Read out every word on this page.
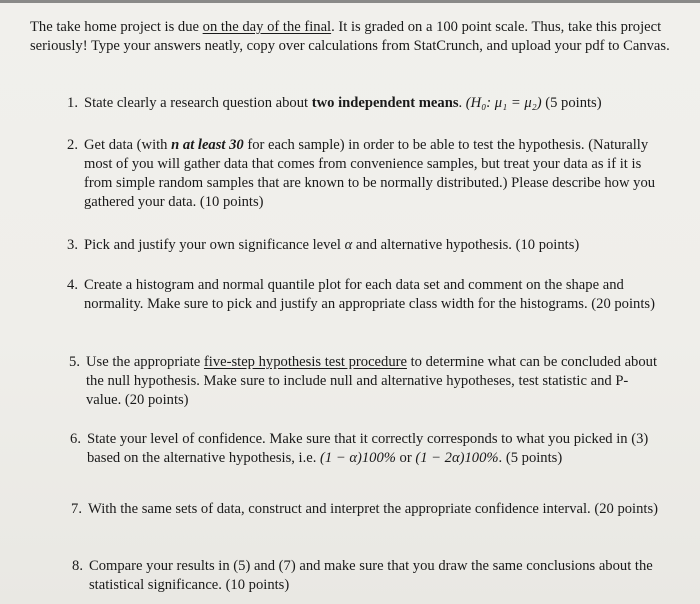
The take home project is due on the day of the final. It is graded on a 100 point scale. Thus, take this project seriously! Type your answers neatly, copy over calculations from StatCrunch, and upload your pdf to Canvas.

1. State clearly a research question about two independent means. (H₀: μ₁ = μ₂) (5 points)
2. Get data (with n at least 30 for each sample) in order to be able to test the hypothesis. (Naturally most of you will gather data that comes from convenience samples, but treat your data as if it is from simple random samples that are known to be normally distributed.) Please describe how you gathered your data. (10 points)
3. Pick and justify your own significance level α and alternative hypothesis. (10 points)
4. Create a histogram and normal quantile plot for each data set and comment on the shape and normality. Make sure to pick and justify an appropriate class width for the histograms. (20 points)
5. Use the appropriate five-step hypothesis test procedure to determine what can be concluded about the null hypothesis. Make sure to include null and alternative hypotheses, test statistic and P-value. (20 points)
6. State your level of confidence. Make sure that it correctly corresponds to what you picked in (3) based on the alternative hypothesis, i.e. (1 − α)100% or (1 − 2α)100%. (5 points)
7. With the same sets of data, construct and interpret the appropriate confidence interval. (20 points)
8. Compare your results in (5) and (7) and make sure that you draw the same conclusions about the statistical significance. (10 points)
